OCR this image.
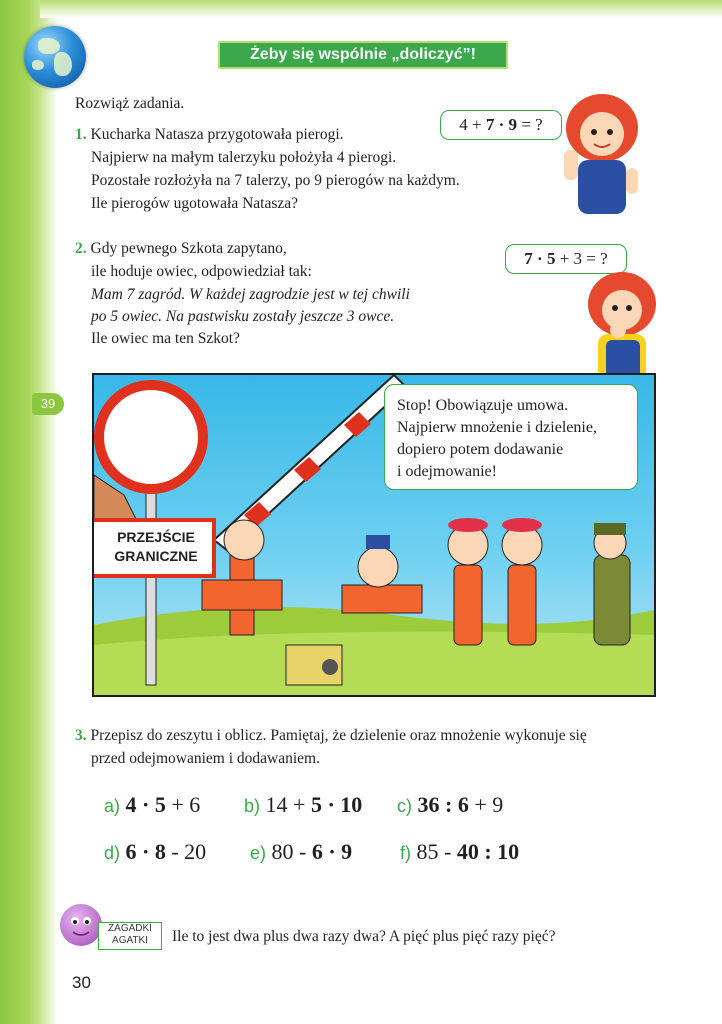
Żeby się wspólnie „doliczyć”!
Rozwiąż zadania.
1. Kucharka Natasza przygotowała pierogi.
Najpierw na małym talerzyku położyła 4 pierogi.
Pozostałe rozłożyła na 7 talerzy, po 9 pierogów na każdym.
Ile pierogów ugotowała Natasza?
4 + 7 · 9 = ?
2. Gdy pewnego Szkota zapytano,
ile hoduje owiec, odpowiedział tak:
Mam 7 zagród. W każdej zagrodzie jest w tej chwili
po 5 owiec. Na pastwisku zostały jeszcze 3 owce.
Ile owiec ma ten Szkot?
7 · 5 + 3 = ?
39
PRZEJŚCIE
GRANICZNE
Stop! Obowiązuje umowa.
Najpierw mnożenie i dzielenie,
dopiero potem dodawanie
i odejmowanie!
3. Przepisz do zeszytu i oblicz. Pamiętaj, że dzielenie oraz mnożenie wykonuje się
przed odejmowaniem i dodawaniem.
a) 4 · 5 + 6 b) 14 + 5 · 10 c) 36 : 6 + 9
d) 6 · 8 - 20 e) 80 - 6 · 9	f) 85 - 40 : 10
ZAGADKI
AGATKI	Ile to jest dwa plus dwa razy dwa? A pięć plus pięć razy pięć?
30
